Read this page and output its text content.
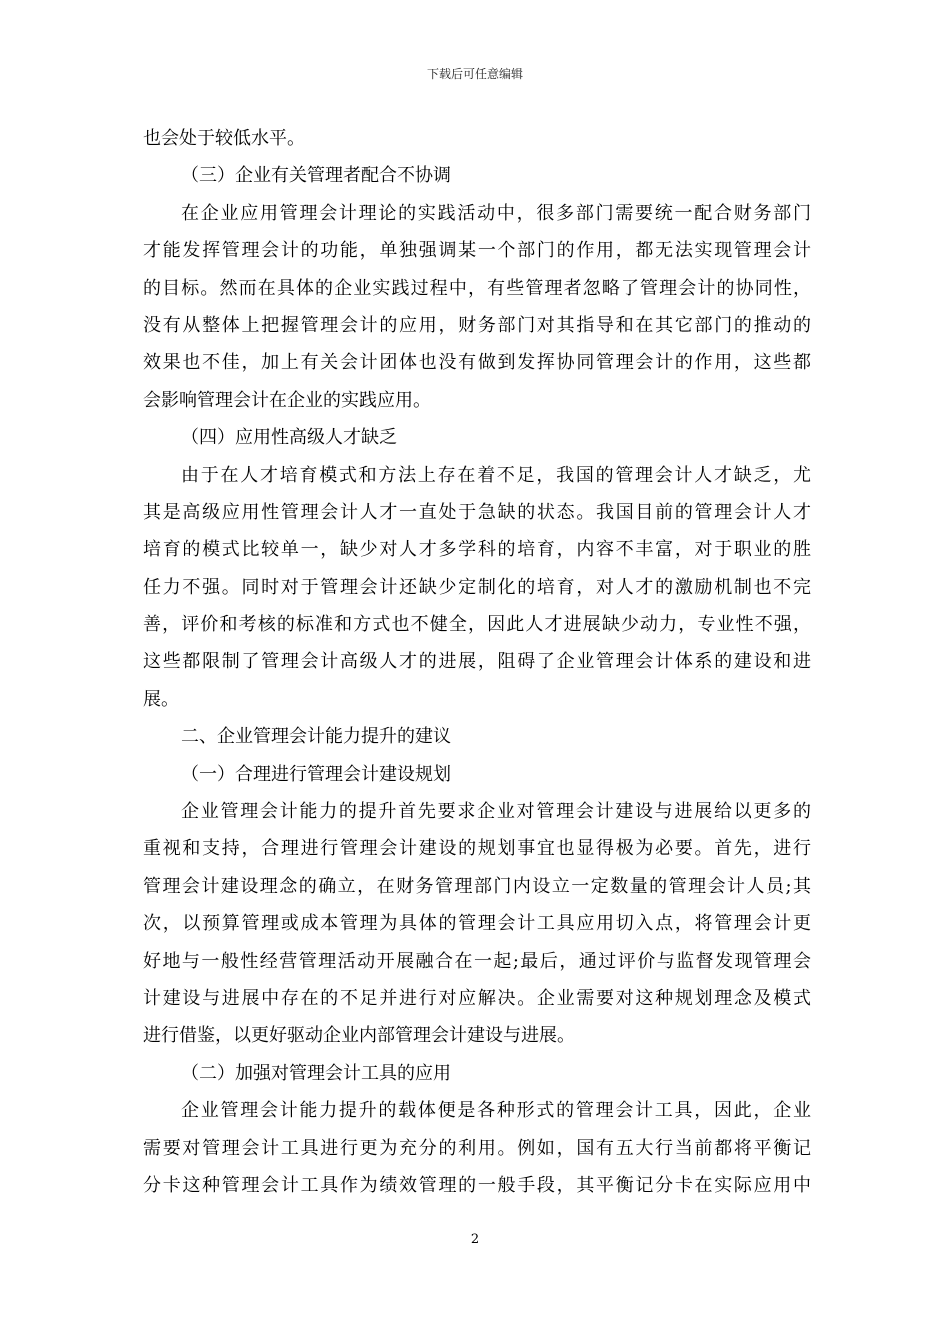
下载后可任意编辑
也会处于较低水平。
（三）企业有关管理者配合不协调
在企业应用管理会计理论的实践活动中，很多部门需要统一配合财务部门
才能发挥管理会计的功能，单独强调某一个部门的作用，都无法实现管理会计
的目标。然而在具体的企业实践过程中，有些管理者忽略了管理会计的协同性，
没有从整体上把握管理会计的应用，财务部门对其指导和在其它部门的推动的
效果也不佳，加上有关会计团体也没有做到发挥协同管理会计的作用，这些都
会影响管理会计在企业的实践应用。
（四）应用性高级人才缺乏
由于在人才培育模式和方法上存在着不足，我国的管理会计人才缺乏，尤
其是高级应用性管理会计人才一直处于急缺的状态。我国目前的管理会计人才
培育的模式比较单一，缺少对人才多学科的培育，内容不丰富，对于职业的胜
任力不强。同时对于管理会计还缺少定制化的培育，对人才的激励机制也不完
善，评价和考核的标准和方式也不健全，因此人才进展缺少动力，专业性不强，
这些都限制了管理会计高级人才的进展，阻碍了企业管理会计体系的建设和进
展。
二、企业管理会计能力提升的建议
（一）合理进行管理会计建设规划
企业管理会计能力的提升首先要求企业对管理会计建设与进展给以更多的
重视和支持，合理进行管理会计建设的规划事宜也显得极为必要。首先，进行
管理会计建设理念的确立，在财务管理部门内设立一定数量的管理会计人员;其
次，以预算管理或成本管理为具体的管理会计工具应用切入点，将管理会计更
好地与一般性经营管理活动开展融合在一起;最后，通过评价与监督发现管理会
计建设与进展中存在的不足并进行对应解决。企业需要对这种规划理念及模式
进行借鉴，以更好驱动企业内部管理会计建设与进展。
（二）加强对管理会计工具的应用
企业管理会计能力提升的载体便是各种形式的管理会计工具，因此，企业
需要对管理会计工具进行更为充分的利用。例如，国有五大行当前都将平衡记
分卡这种管理会计工具作为绩效管理的一般手段，其平衡记分卡在实际应用中
2
